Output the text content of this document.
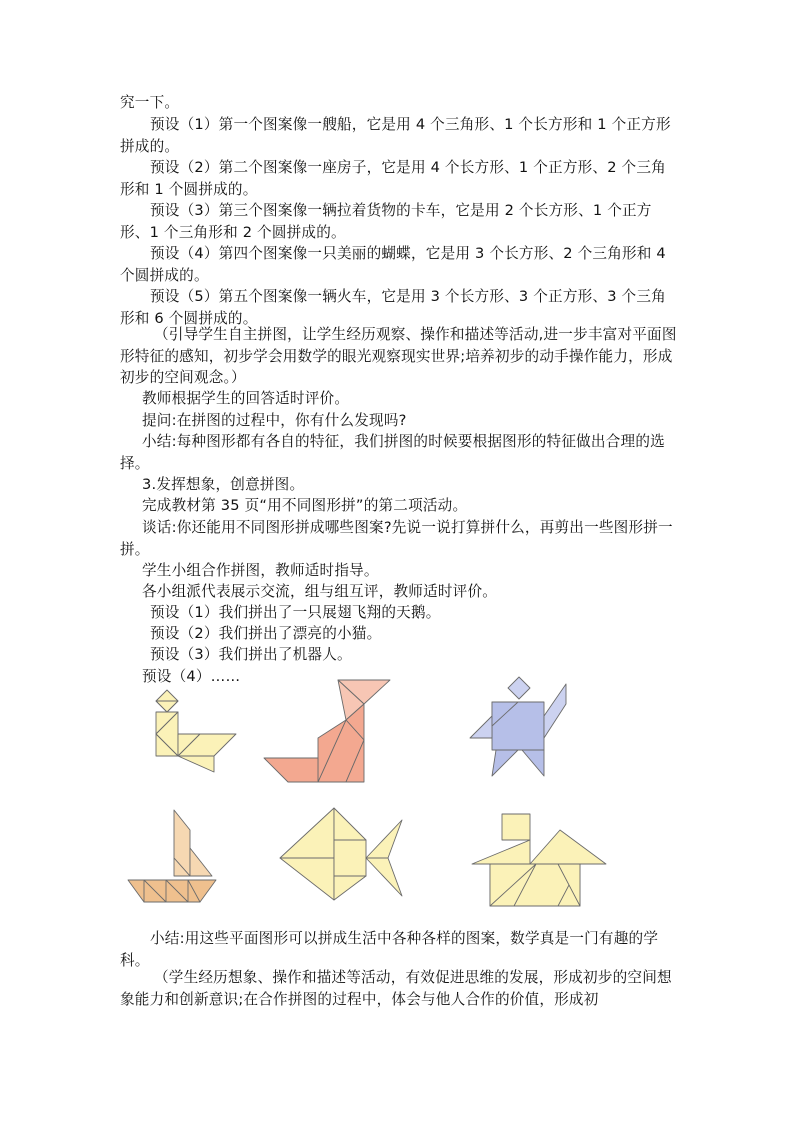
究一下。

预设（1）第一个图案像一艘船，它是用 4 个三角形、1 个长方形和 1 个正方形拼成的。

预设（2）第二个图案像一座房子，它是用 4 个长方形、1 个正方形、2 个三角形和 1 个圆拼成的。

预设（3）第三个图案像一辆拉着货物的卡车，它是用 2 个长方形、1 个正方形、1 个三角形和 2 个圆拼成的。

预设（4）第四个图案像一只美丽的蝴蝶，它是用 3 个长方形、2 个三角形和 4 个圆拼成的。

预设（5）第五个图案像一辆火车，它是用 3 个长方形、3 个正方形、3 个三角形和 6 个圆拼成的。

（引导学生自主拼图，让学生经历观察、操作和描述等活动,进一步丰富对平面图形特征的感知，初步学会用数学的眼光观察现实世界;培养初步的动手操作能力，形成初步的空间观念。）

教师根据学生的回答适时评价。

提问:在拼图的过程中，你有什么发现吗?

小结:每种图形都有各自的特征，我们拼图的时候要根据图形的特征做出合理的选择。

3.发挥想象，创意拼图。

完成教材第 35 页“用不同图形拼”的第二项活动。

谈话:你还能用不同图形拼成哪些图案?先说一说打算拼什么，再剪出一些图形拼一拼。

学生小组合作拼图，教师适时指导。

各小组派代表展示交流，组与组互评，教师适时评价。

预设（1）我们拼出了一只展翅飞翔的天鹅。

预设（2）我们拼出了漂亮的小猫。

预设（3）我们拼出了机器人。

预设（4）……

小结:用这些平面图形可以拼成生活中各种各样的图案，数学真是一门有趣的学科。

（学生经历想象、操作和描述等活动，有效促进思维的发展，形成初步的空间想象能力和创新意识;在合作拼图的过程中，体会与他人合作的价值，形成初
